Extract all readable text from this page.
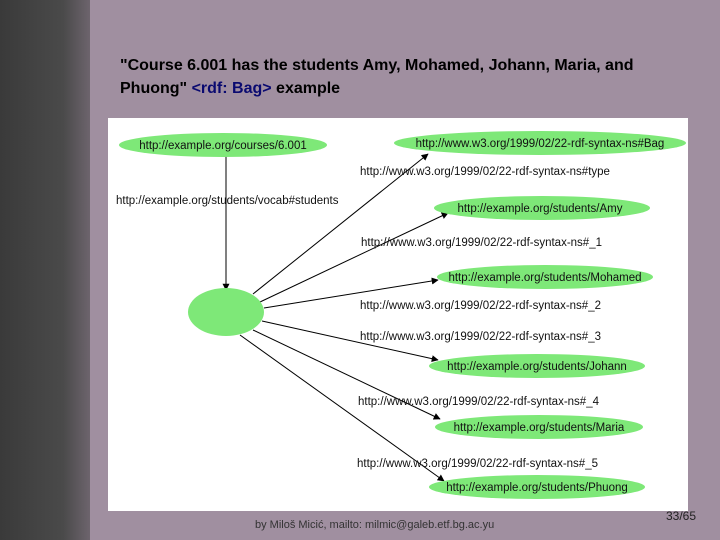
"Course 6.001 has the students Amy, Mohamed, Johann, Maria, and Phuong" <rdf: Bag> example
http://example.org/students/vocab#students
http://www.w3.org/1999/02/22-rdf-syntax-ns#type
http://www.w3.org/1999/02/22-rdf-syntax-ns#_1
http://www.w3.org/1999/02/22-rdf-syntax-ns#_2
http://www.w3.org/1999/02/22-rdf-syntax-ns#_3
http://www.w3.org/1999/02/22-rdf-syntax-ns#_4
http://www.w3.org/1999/02/22-rdf-syntax-ns#_5
http://example.org/courses/6.001	http://www.w3.org/1999/02/22-rdf-syntax-ns#Bag
http://example.org/students/Amy
http://example.org/students/Mohamed
http://example.org/students/Johann
http://example.org/students/Maria
http://example.org/students/Phuong
by Miloš Micić, mailto: milmic@galeb.etf.bg.ac.yu
33/65
